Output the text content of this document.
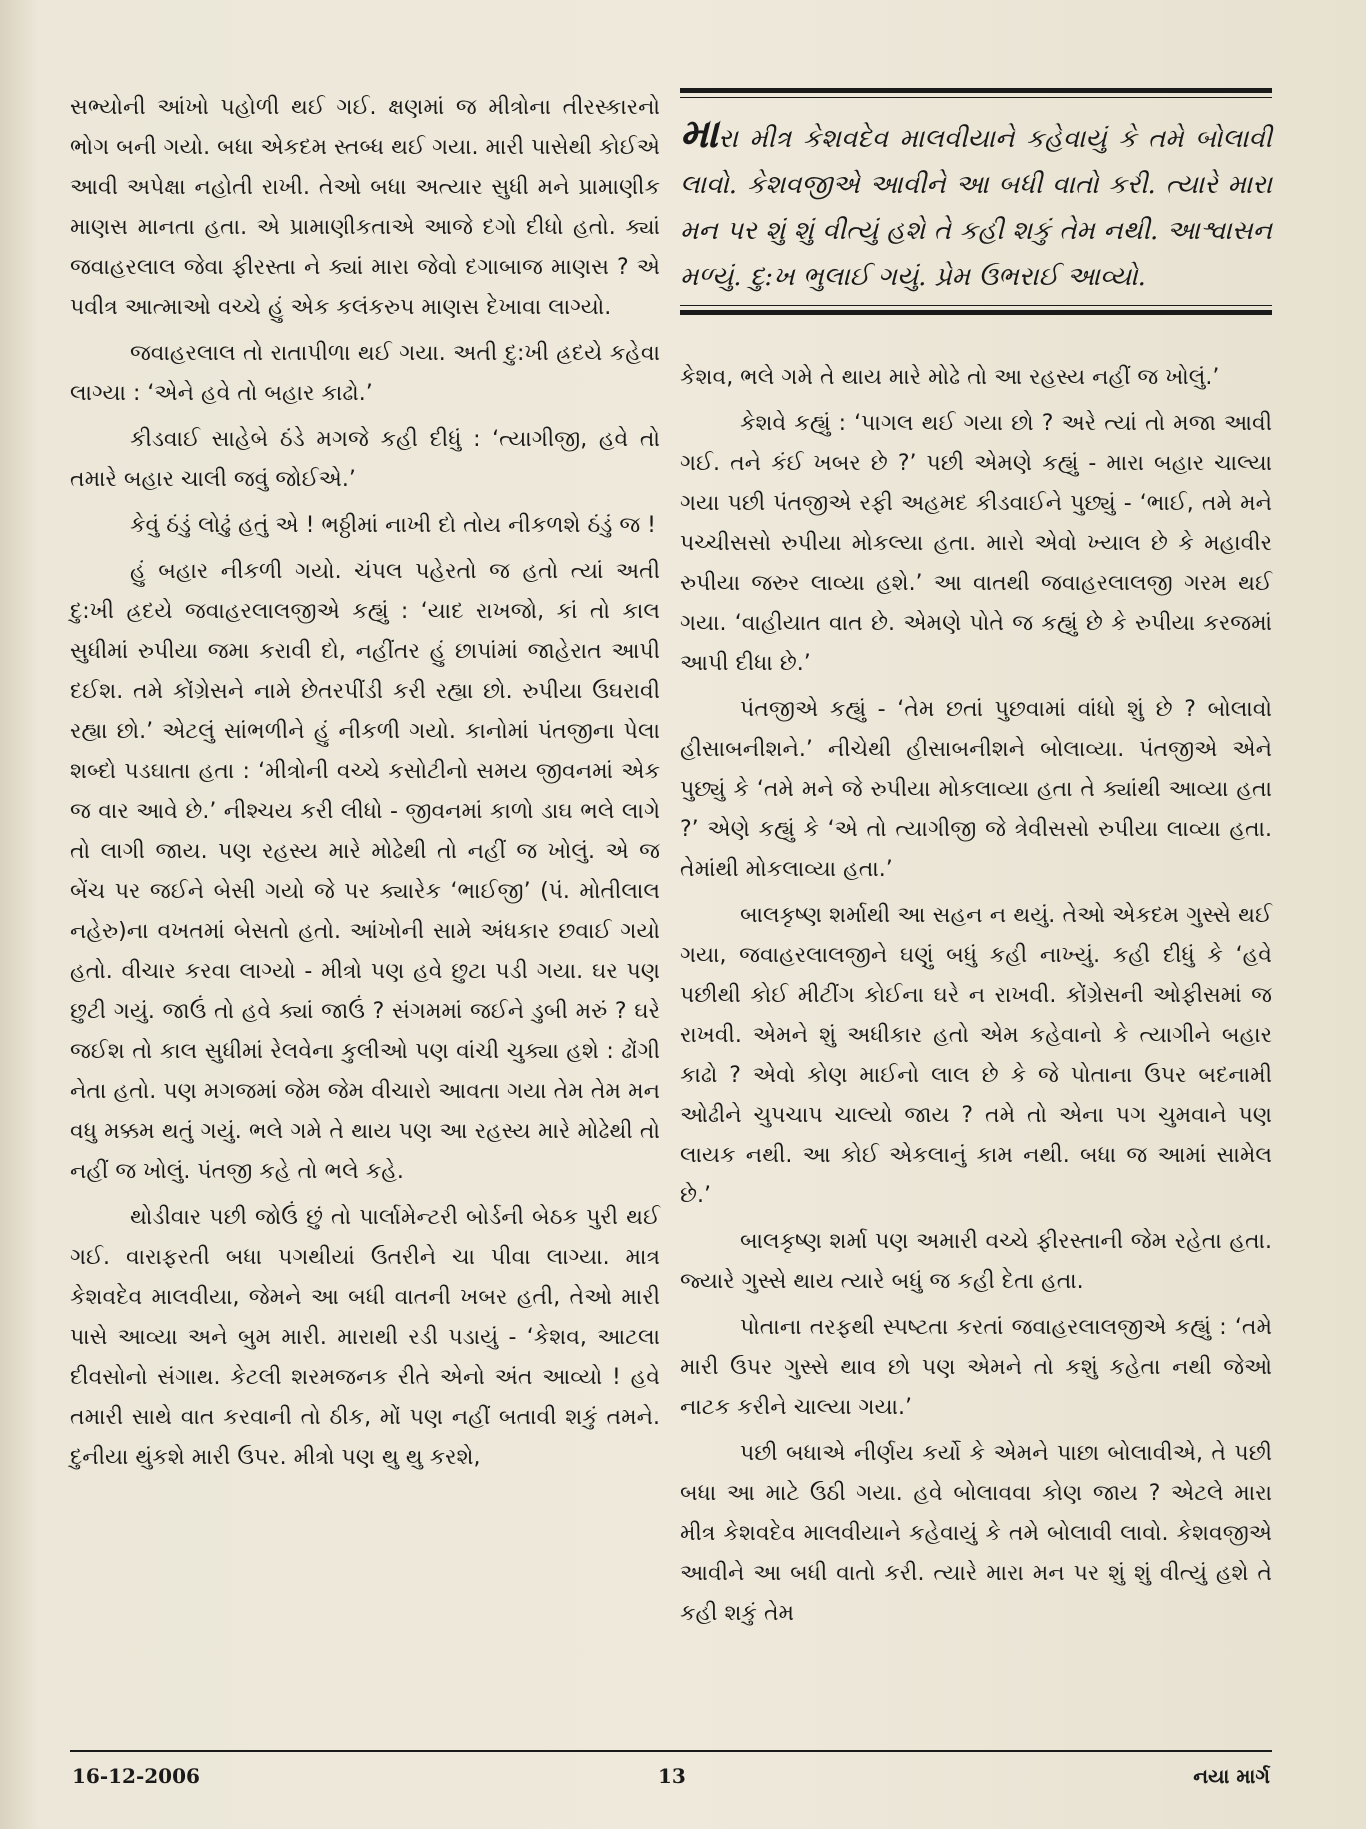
સભ્યોની આંખો પહોળી થઈ ગઈ. ક્ષણમાં જ મીત્રોના તીરસ્કારનો ભોગ બની ગયો. બધા એકદમ સ્તબ્ધ થઈ ગયા. મારી પાસેથી કોઈએ આવી અપેક્ષા નહોતી રાખી. તેઓ બધા અત્યાર સુધી મને પ્રામાણીક માણસ માનતા હતા. એ પ્રામાણીકતાએ આજે દગો દીધો હતો. ક્યાં જવાહરલાલ જેવા ફીરસ્તા ને ક્યાં મારા જેવો દગાબાજ માણસ ? એ પવીત્ર આત્માઓ વચ્ચે હું એક કલંકરુપ માણસ દેખાવા લાગ્યો.

જવાહરલાલ તો રાતાપીળા થઈ ગયા. અતી દુ:ખી હ્રદયે કહેવા લાગ્યા : ‘એને હવે તો બહાર કાઢો.’

કીડવાઈ સાહેબે ઠંડે મગજે કહી દીધું : ‘ત્યાગીજી, હવે તો તમારે બહાર ચાલી જવું જોઈએ.’

કેવું ઠંડું લોઢું હતું એ ! ભઠ્ઠીમાં નાખી દો તોય નીકળશે ઠંડું જ !

હું બહાર નીકળી ગયો. ચંપલ પહેરતો જ હતો ત્યાં અતી દુ:ખી હ્રદયે જવાહરલાલજીએ કહ્યું : ‘યાદ રાખજો, કાં તો કાલ સુધીમાં રુપીયા જમા કરાવી દો, નહીંતર હું છાપાંમાં જાહેરાત આપી દઈશ. તમે કોંગ્રેસને નામે છેતરપીંડી કરી રહ્યા છો. રુપીયા ઉઘરાવી રહ્યા છો.’ એટલું સાંભળીને હું નીકળી ગયો. કાનોમાં પંતજીના પેલા શબ્દો પડઘાતા હતા : ‘મીત્રોની વચ્ચે કસોટીનો સમય જીવનમાં એક જ વાર આવે છે.’ નીશ્ચય કરી લીધો - જીવનમાં કાળો ડાઘ ભલે લાગે તો લાગી જાય. પણ રહસ્ય મારે મોઢેથી તો નહીં જ ખોલું. એ જ બેંચ પર જઈને બેસી ગયો જે પર ક્યારેક ‘ભાઈજી’ (પં. મોતીલાલ નહેરુ)ના વખતમાં બેસતો હતો. આંખોની સામે અંધકાર છવાઈ ગયો હતો. વીચાર કરવા લાગ્યો - મીત્રો પણ હવે છુટા પડી ગયા. ઘર પણ છુટી ગયું. જાઉં તો હવે ક્યાં જાઉં ? સંગમમાં જઈને ડુબી મરું ? ઘરે જઈશ તો કાલ સુધીમાં રેલવેના કુલીઓ પણ વાંચી ચુક્યા હશે : ઢોંગી નેતા હતો. પણ મગજમાં જેમ જેમ વીચારો આવતા ગયા તેમ તેમ મન વધુ મક્કમ થતું ગયું. ભલે ગમે તે થાય પણ આ રહસ્ય મારે મોઢેથી તો નહીં જ ખોલું. પંતજી કહે તો ભલે કહે.

થોડીવાર પછી જોઉં છું તો પાર્લામેન્ટરી બોર્ડની બેઠક પુરી થઈ ગઈ. વારાફરતી બધા પગથીયાં ઉતરીને ચા પીવા લાગ્યા. માત્ર કેશવદેવ માલવીયા, જેમને આ બધી વાતની ખબર હતી, તેઓ મારી પાસે આવ્યા અને બુમ મારી. મારાથી રડી પડાયું - ‘કેશવ, આટલા દીવસોનો સંગાથ. કેટલી શરમજનક રીતે એનો અંત આવ્યો ! હવે તમારી સાથે વાત કરવાની તો ઠીક, મોં પણ નહીં બતાવી શકું તમને. દુનીયા થુંકશે મારી ઉપર. મીત્રો પણ થુ થુ કરશે,

મારા મીત્ર કેશવદેવ માલવીયાને કહેવાયું કે તમે બોલાવી લાવો. કેશવજીએ આવીને આ બધી વાતો કરી. ત્યારે મારા મન પર શું શું વીત્યું હશે તે કહી શકું તેમ નથી. આશ્વાસન મળ્યું. દુ:ખ ભુલાઈ ગયું. પ્રેમ ઉભરાઈ આવ્યો.

કેશવ, ભલે ગમે તે થાય મારે મોઢે તો આ રહસ્ય નહીં જ ખોલું.’

કેશવે કહ્યું : ‘પાગલ થઈ ગયા છો ? અરે ત્યાં તો મજા આવી ગઈ. તને કંઈ ખબર છે ?’ પછી એમણે કહ્યું - મારા બહાર ચાલ્યા ગયા પછી પંતજીએ રફી અહમદ કીડવાઈને પુછ્યું - ‘ભાઈ, તમે મને પચ્ચીસસો રુપીયા મોકલ્યા હતા. મારો એવો ખ્યાલ છે કે મહાવીર રુપીયા જરુર લાવ્યા હશે.’ આ વાતથી જવાહરલાલજી ગરમ થઈ ગયા. ‘વાહીયાત વાત છે. એમણે પોતે જ કહ્યું છે કે રુપીયા કરજમાં આપી દીધા છે.’

પંતજીએ કહ્યું - ‘તેમ છતાં પુછવામાં વાંધો શું છે ? બોલાવો હીસાબનીશને.’ નીચેથી હીસાબનીશને બોલાવ્યા. પંતજીએ એને પુછ્યું કે ‘તમે મને જે રુપીયા મોકલાવ્યા હતા તે ક્યાંથી આવ્યા હતા ?’ એણે કહ્યું કે ‘એ તો ત્યાગીજી જે ત્રેવીસસો રુપીયા લાવ્યા હતા. તેમાંથી મોકલાવ્યા હતા.’

બાલકૃષ્ણ શર્માથી આ સહન ન થયું. તેઓ એકદમ ગુસ્સે થઈ ગયા, જવાહરલાલજીને ઘણું બધું કહી નાખ્યું. કહી દીધું કે ‘હવે પછીથી કોઈ મીટીંગ કોઈના ઘરે ન રાખવી. કોંગ્રેસની ઓફીસમાં જ રાખવી. એમને શું અધીકાર હતો એમ કહેવાનો કે ત્યાગીને બહાર કાઢો ? એવો કોણ માઈનો લાલ છે કે જે પોતાના ઉપર બદનામી ઓઢીને ચુપચાપ ચાલ્યો જાય ? તમે તો એના પગ ચુમવાને પણ લાયક નથી. આ કોઈ એકલાનું કામ નથી. બધા જ આમાં સામેલ છે.’

બાલકૃષ્ણ શર્મા પણ અમારી વચ્ચે ફીરસ્તાની જેમ રહેતા હતા. જ્યારે ગુસ્સે થાય ત્યારે બધું જ કહી દેતા હતા.

પોતાના તરફથી સ્પષ્ટતા કરતાં જવાહરલાલજીએ કહ્યું : ‘તમે મારી ઉપર ગુસ્સે થાવ છો પણ એમને તો કશું કહેતા નથી જેઓ નાટક કરીને ચાલ્યા ગયા.’

પછી બધાએ નીર્ણય કર્યો કે એમને પાછા બોલાવીએ, તે પછી બધા આ માટે ઉઠી ગયા. હવે બોલાવવા કોણ જાય ? એટલે મારા મીત્ર કેશવદેવ માલવીયાને કહેવાયું કે તમે બોલાવી લાવો. કેશવજીએ આવીને આ બધી વાતો કરી. ત્યારે મારા મન પર શું શું વીત્યું હશે તે કહી શકું તેમ

16-12-2006	13	નયા માર્ગ
